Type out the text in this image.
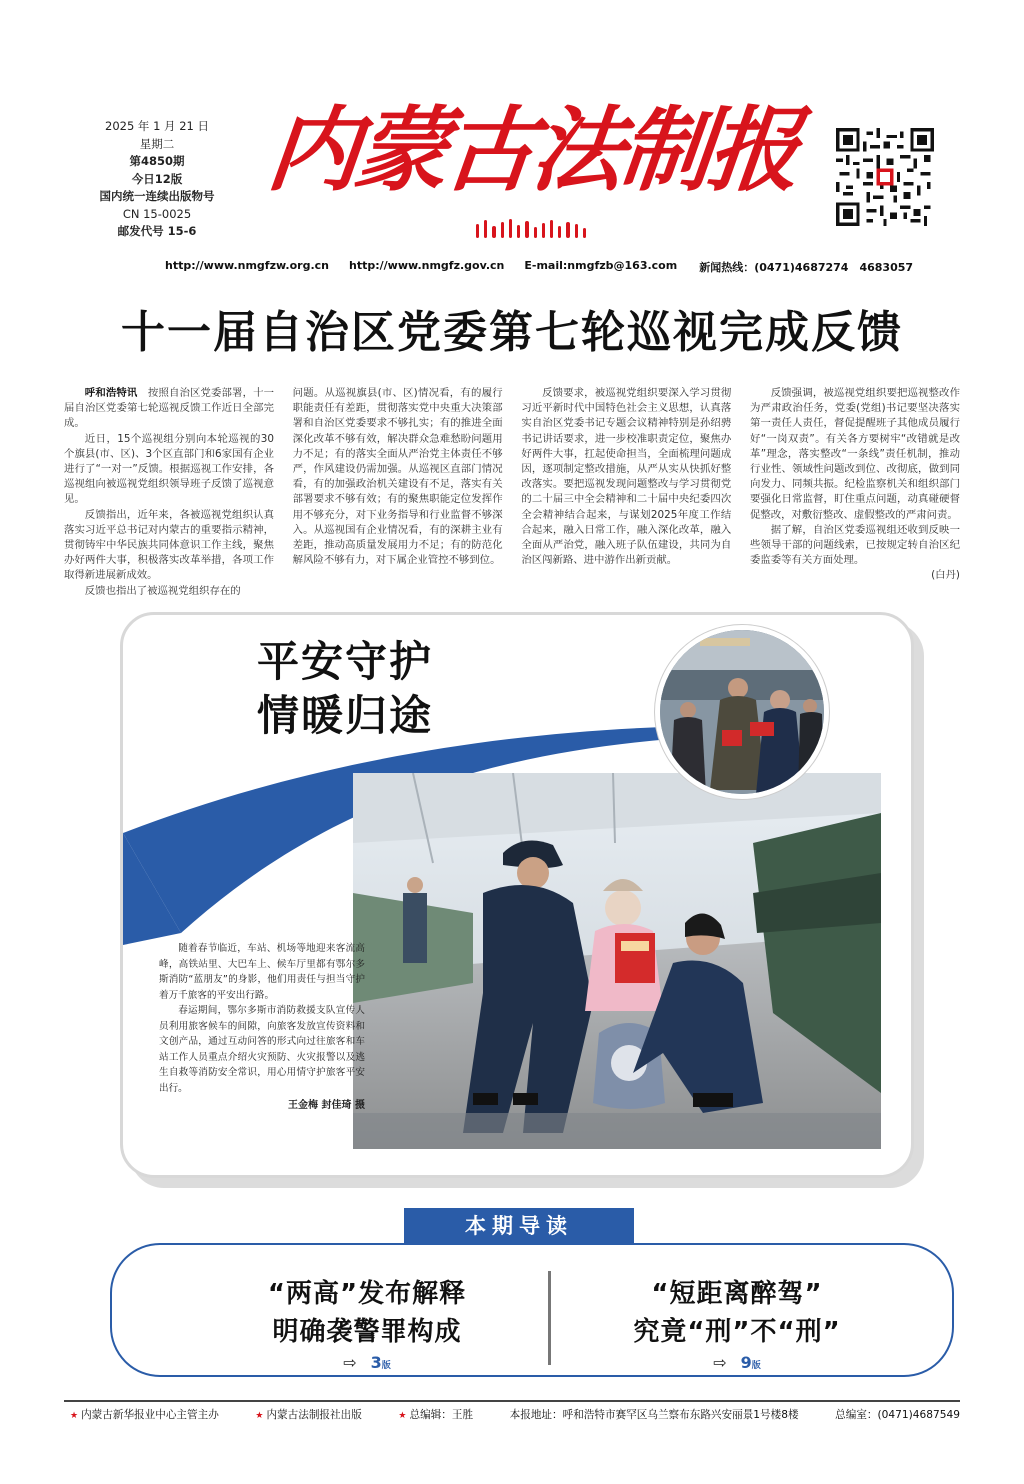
2025 年 1 月 21 日
星期二
第4850期
今日12版
国内统一连续出版物号
CN 15-0025
邮发代号 15-6
内蒙古法制报
http://www.nmgfzw.org.cn http://www.nmgfz.gov.cn E-mail:nmgfzb@163.com 新闻热线：(0471)4687274　4683057
十一届自治区党委第七轮巡视完成反馈

呼和浩特讯　 按照自治区党委部署，十一届自治区党委第七轮巡视反馈工作近日全部完成。

近日，15个巡视组分别向本轮巡视的30个旗县(市、区)、3个区直部门和6家国有企业进行了“一对一”反馈。根据巡视工作安排，各巡视组向被巡视党组织领导班子反馈了巡视意见。

反馈指出，近年来，各被巡视党组织认真落实习近平总书记对内蒙古的重要指示精神，贯彻铸牢中华民族共同体意识工作主线，聚焦办好两件大事，积极落实改革举措，各项工作取得新进展新成效。

反馈也指出了被巡视党组织存在的

问题。从巡视旗县(市、区)情况看，有的履行职能责任有差距，贯彻落实党中央重大决策部署和自治区党委要求不够扎实；有的推进全面深化改革不够有效，解决群众急难愁盼问题用力不足；有的落实全面从严治党主体责任不够严，作风建设仍需加强。从巡视区直部门情况看，有的加强政治机关建设有不足，落实有关部署要求不够有效；有的聚焦职能定位发挥作用不够充分，对下业务指导和行业监督不够深入。从巡视国有企业情况看，有的深耕主业有差距，推动高质量发展用力不足；有的防范化解风险不够有力，对下属企业管控不够到位。

反馈要求，被巡视党组织要深入学习贯彻习近平新时代中国特色社会主义思想，认真落实自治区党委书记专题会议精神特别是孙绍骋书记讲话要求，进一步校准职责定位，聚焦办好两件大事，扛起使命担当，全面梳理问题成因，逐项制定整改措施，从严从实从快抓好整改落实。要把巡视发现问题整改与学习贯彻党的二十届三中全会精神和二十届中央纪委四次全会精神结合起来，与谋划2025年度工作结合起来，融入日常工作，融入深化改革，融入全面从严治党，融入班子队伍建设，共同为自治区闯新路、进中游作出新贡献。

反馈强调，被巡视党组织要把巡视整改作为严肃政治任务，党委(党组)书记要坚决落实第一责任人责任，督促提醒班子其他成员履行好“一岗双责”。有关各方要树牢“改错就是改革”理念，落实整改“一条线”责任机制，推动行业性、领域性问题改到位、改彻底，做到同向发力、同频共振。纪检监察机关和组织部门要强化日常监督，盯住重点问题，动真碰硬督促整改，对敷衍整改、虚假整改的严肃问责。

据了解，自治区党委巡视组还收到反映一些领导干部的问题线索，已按规定转自治区纪委监委等有关方面处理。

(白丹)

平安守护
情暖归途

随着春节临近，车站、机场等地迎来客流高峰，高铁站里、大巴车上、候车厅里都有鄂尔多斯消防“蓝朋友”的身影，他们用责任与担当守护着万千旅客的平安出行路。

春运期间，鄂尔多斯市消防救援支队宣传人员利用旅客候车的间隙，向旅客发放宣传资料和文创产品，通过互动问答的形式向过往旅客和车站工作人员重点介绍火灾预防、火灾报警以及逃生自救等消防安全常识，用心用情守护旅客平安出行。

王金梅 封佳琦 摄

“两高”发布解释
明确袭警罪构成
⇨ 3版
“短距离醉驾”
究竟“刑”不“刑”
⇨ 9版
本期导读
★ 内蒙古新华报业中心主管主办	★ 内蒙古法制报社出版	★ 总编辑：王胜	本报地址：呼和浩特市赛罕区乌兰察布东路兴安丽景1号楼8楼	总编室：(0471)4687549
